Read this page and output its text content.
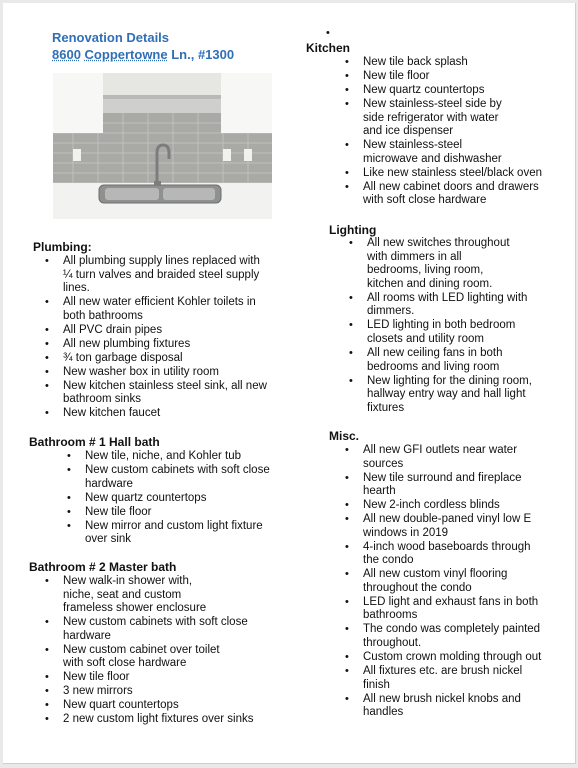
Renovation Details
8600 Coppertowne Ln., #1300
Plumbing:
• All plumbing supply lines replaced with
¼ turn valves and braided steel supply
lines.
• All new water efficient Kohler toilets in
both bathrooms
• All PVC drain pipes
• All new plumbing fixtures
• ¾ ton garbage disposal
• New washer box in utility room
• New kitchen stainless steel sink, all new
bathroom sinks
• New kitchen faucet
Bathroom # 1 Hall bath
• New tile, niche, and Kohler tub
• New custom cabinets with soft close
hardware
• New quartz countertops
• New tile floor
• New mirror and custom light fixture
over sink
Bathroom # 2 Master bath
• New walk-in shower with,
niche, seat and custom
frameless shower enclosure
• New custom cabinets with soft close
hardware
• New custom cabinet over toilet
with soft close hardware
• New tile floor
• 3 new mirrors
• New quart countertops
• 2 new custom light fixtures over sinks
•
Kitchen
• New tile back splash
• New tile floor
• New quartz countertops
• New stainless-steel side by
side refrigerator with water
and ice dispenser
• New stainless-steel
microwave and dishwasher
• Like new stainless steel/black oven
• All new cabinet doors and drawers
with soft close hardware
Lighting
• All new switches throughout
with dimmers in all
bedrooms, living room,
kitchen and dining room.
• All rooms with LED lighting with
dimmers.
• LED lighting in both bedroom
closets and utility room
• All new ceiling fans in both
bedrooms and living room
• New lighting for the dining room,
hallway entry way and hall light
fixtures
Misc.
• All new GFI outlets near water
sources
• New tile surround and fireplace
hearth
• New 2-inch cordless blinds
• All new double-paned vinyl low E
windows in 2019
• 4-inch wood baseboards through
the condo
• All new custom vinyl flooring
throughout the condo
• LED light and exhaust fans in both
bathrooms
• The condo was completely painted
throughout.
• Custom crown molding through out
• All fixtures etc. are brush nickel
finish
• All new brush nickel knobs and
handles
